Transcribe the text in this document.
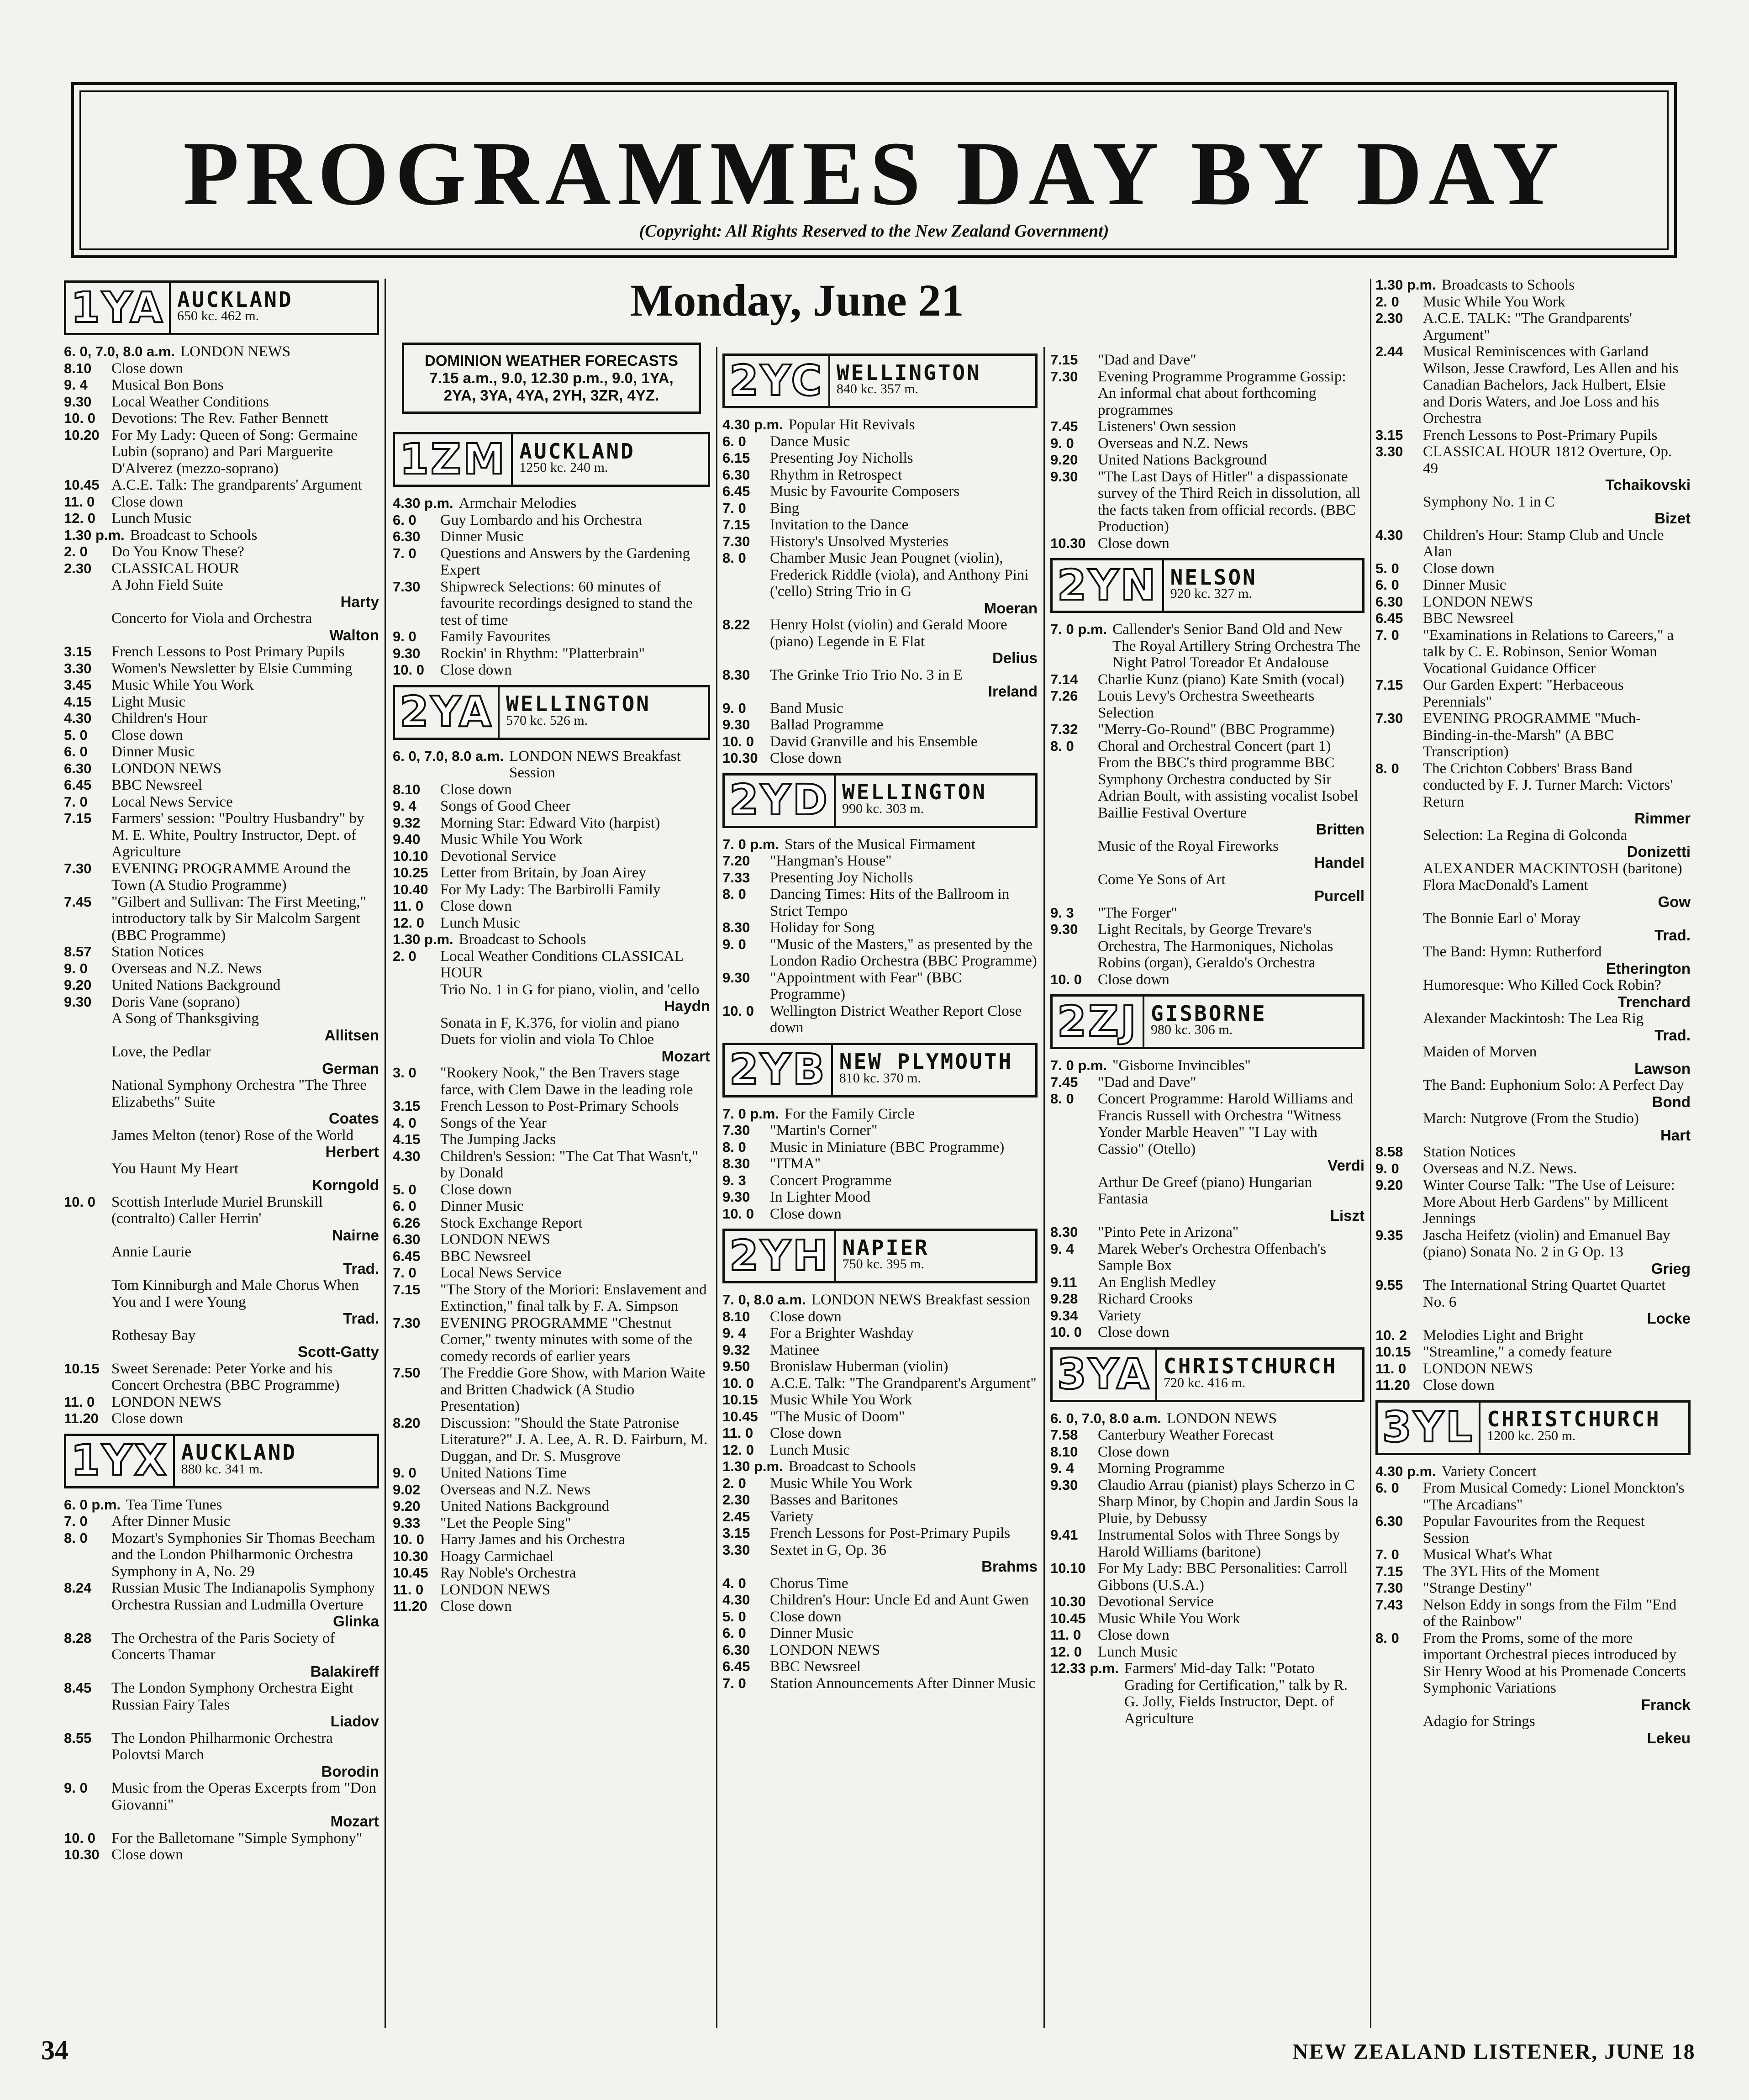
PROGRAMMES DAY BY DAY
(Copyright: All Rights Reserved to the New Zealand Government)
Monday, June 21
1YA AUCKLAND
650 kc. 462 m.
6. 0, 7.0, 8.0 a.m. LONDON NEWS
8.10	Close down
9. 4	Musical Bon Bons
9.30	Local Weather Conditions
10. 0	Devotions: The Rev. Father Bennett
10.20 For My Lady: Queen of Song: Germaine Lubin (soprano) and Pari Marguerite D'Alverez (mezzo-soprano)
10.45 A.C.E. Talk: The grandparents' Argument
11. 0	Close down
12. 0	Lunch Music
1.30 p.m. Broadcast to Schools
2. 0	Do You Know These?
2.30	CLASSICAL HOUR
A John Field Suite
Harty
Concerto for Viola and Orchestra
Walton
3.15	French Lessons to Post Primary Pupils
3.30	Women's Newsletter by Elsie Cumming
3.45	Music While You Work
4.15	Light Music
4.30	Children's Hour
5. 0	Close down
6. 0	Dinner Music
6.30	LONDON NEWS
6.45	BBC Newsreel
7. 0	Local News Service
7.15	Farmers' session: "Poultry Husbandry" by M. E. White, Poultry Instructor, Dept. of Agriculture
7.30	EVENING PROGRAMME Around the Town (A Studio Programme)
7.45	"Gilbert and Sullivan: The First Meeting," introductory talk by Sir Malcolm Sargent (BBC Programme)
8.57	Station Notices
9. 0	Overseas and N.Z. News
9.20	United Nations Background
9.30	Doris Vane (soprano)
A Song of Thanksgiving
Allitsen
Love, the Pedlar
German
National Symphony Orchestra "The Three Elizabeths" Suite
Coates
James Melton (tenor) Rose of the World
Herbert
You Haunt My Heart
Korngold
10. 0	Scottish Interlude Muriel Brunskill (contralto) Caller Herrin'
Nairne
Annie Laurie
Trad.
Tom Kinniburgh and Male Chorus When You and I were Young
Trad.
Rothesay Bay
Scott-Gatty
10.15 Sweet Serenade: Peter Yorke and his Concert Orchestra (BBC Programme)
11. 0	LONDON NEWS
11.20 Close down
1YX AUCKLAND
880 kc. 341 m.
6. 0 p.m. Tea Time Tunes
7. 0	After Dinner Music
8. 0	Mozart's Symphonies Sir Thomas Beecham and the London Philharmonic Orchestra Symphony in A, No. 29
8.24	Russian Music The Indianapolis Symphony Orchestra Russian and Ludmilla Overture
Glinka
8.28	The Orchestra of the Paris Society of Concerts Thamar
Balakireff
8.45	The London Symphony Orchestra Eight Russian Fairy Tales
Liadov
8.55	The London Philharmonic Orchestra Polovtsi March
Borodin
9. 0	Music from the Operas Excerpts from "Don Giovanni"
Mozart
10. 0	For the Balletomane "Simple Symphony"
10.30 Close down
DOMINION WEATHER FORECASTS
7.15 a.m., 9.0, 12.30 p.m., 9.0, 1YA, 2YA, 3YA, 4YA, 2YH, 3ZR, 4YZ.
1ZM AUCKLAND
1250 kc. 240 m.
4.30 p.m. Armchair Melodies
6. 0	Guy Lombardo and his Orchestra
6.30	Dinner Music
7. 0	Questions and Answers by the Gardening Expert
7.30	Shipwreck Selections: 60 minutes of favourite recordings designed to stand the test of time
9. 0	Family Favourites
9.30	Rockin' in Rhythm: "Platterbrain"
10. 0	Close down
2YA WELLINGTON
570 kc. 526 m.
6. 0, 7.0, 8.0 a.m. LONDON NEWS Breakfast Session
8.10	Close down
9. 4	Songs of Good Cheer
9.32	Morning Star: Edward Vito (harpist)
9.40	Music While You Work
10.10 Devotional Service
10.25 Letter from Britain, by Joan Airey
10.40 For My Lady: The Barbirolli Family
11. 0	Close down
12. 0	Lunch Music
1.30 p.m. Broadcast to Schools
2. 0	Local Weather Conditions CLASSICAL HOUR
Trio No. 1 in G for piano, violin, and 'cello
Haydn
Sonata in F, K.376, for violin and piano Duets for violin and viola To Chloe
Mozart
3. 0	"Rookery Nook," the Ben Travers stage farce, with Clem Dawe in the leading role
3.15	French Lesson to Post-Primary Schools
4. 0	Songs of the Year
4.15	The Jumping Jacks
4.30	Children's Session: "The Cat That Wasn't," by Donald
5. 0	Close down
6. 0	Dinner Music
6.26	Stock Exchange Report
6.30	LONDON NEWS
6.45	BBC Newsreel
7. 0	Local News Service
7.15	"The Story of the Moriori: Enslavement and Extinction," final talk by F. A. Simpson
7.30	EVENING PROGRAMME "Chestnut Corner," twenty minutes with some of the comedy records of earlier years
7.50	The Freddie Gore Show, with Marion Waite and Britten Chadwick (A Studio Presentation)
8.20	Discussion: "Should the State Patronise Literature?" J. A. Lee, A. R. D. Fairburn, M. Duggan, and Dr. S. Musgrove
9. 0	United Nations Time
9.02	Overseas and N.Z. News
9.20	United Nations Background
9.33	"Let the People Sing"
10. 0	Harry James and his Orchestra
10.30 Hoagy Carmichael
10.45 Ray Noble's Orchestra
11. 0	LONDON NEWS
11.20 Close down
2YC WELLINGTON
840 kc. 357 m.
4.30 p.m. Popular Hit Revivals
6. 0	Dance Music
6.15	Presenting Joy Nicholls
6.30	Rhythm in Retrospect
6.45	Music by Favourite Composers
7. 0	Bing
7.15	Invitation to the Dance
7.30	History's Unsolved Mysteries
8. 0	Chamber Music Jean Pougnet (violin), Frederick Riddle (viola), and Anthony Pini ('cello) String Trio in G
Moeran
8.22	Henry Holst (violin) and Gerald Moore (piano) Legende in E Flat
Delius
8.30	The Grinke Trio Trio No. 3 in E
Ireland
9. 0	Band Music
9.30	Ballad Programme
10. 0	David Granville and his Ensemble
10.30 Close down
2YD WELLINGTON
990 kc. 303 m.
7. 0 p.m. Stars of the Musical Firmament
7.20	"Hangman's House"
7.33	Presenting Joy Nicholls
8. 0	Dancing Times: Hits of the Ballroom in Strict Tempo
8.30	Holiday for Song
9. 0	"Music of the Masters," as presented by the London Radio Orchestra (BBC Programme)
9.30	"Appointment with Fear" (BBC Programme)
10. 0	Wellington District Weather Report Close down
2YB NEW PLYMOUTH
810 kc. 370 m.
7. 0 p.m. For the Family Circle
7.30	"Martin's Corner"
8. 0	Music in Miniature (BBC Programme)
8.30	"ITMA"
9. 3	Concert Programme
9.30	In Lighter Mood
10. 0	Close down
2YH NAPIER
750 kc. 395 m.
7. 0, 8.0 a.m. LONDON NEWS Breakfast session
8.10	Close down
9. 4	For a Brighter Washday
9.32	Matinee
9.50	Bronislaw Huberman (violin)
10. 0	A.C.E. Talk: "The Grandparent's Argument"
10.15 Music While You Work
10.45 "The Music of Doom"
11. 0	Close down
12. 0	Lunch Music
1.30 p.m. Broadcast to Schools
2. 0	Music While You Work
2.30	Basses and Baritones
2.45	Variety
3.15	French Lessons for Post-Primary Pupils
3.30	Sextet in G, Op. 36
Brahms
4. 0	Chorus Time
4.30	Children's Hour: Uncle Ed and Aunt Gwen
5. 0	Close down
6. 0	Dinner Music
6.30	LONDON NEWS
6.45	BBC Newsreel
7. 0	Station Announcements After Dinner Music
7.15	"Dad and Dave"
7.30	Evening Programme Programme Gossip: An informal chat about forthcoming programmes
7.45	Listeners' Own session
9. 0	Overseas and N.Z. News
9.20	United Nations Background
9.30	"The Last Days of Hitler" a dispassionate survey of the Third Reich in dissolution, all the facts taken from official records. (BBC Production)
10.30 Close down
2YN NELSON
920 kc. 327 m.
7. 0 p.m. Callender's Senior Band Old and New The Royal Artillery String Orchestra The Night Patrol Toreador Et Andalouse
7.14	Charlie Kunz (piano) Kate Smith (vocal)
7.26	Louis Levy's Orchestra Sweethearts Selection
7.32	"Merry-Go-Round" (BBC Programme)
8. 0	Choral and Orchestral Concert (part 1) From the BBC's third programme BBC Symphony Orchestra conducted by Sir Adrian Boult, with assisting vocalist Isobel Baillie Festival Overture
Britten
Music of the Royal Fireworks
Handel
Come Ye Sons of Art
Purcell
9. 3	"The Forger"
9.30	Light Recitals, by George Trevare's Orchestra, The Harmoniques, Nicholas Robins (organ), Geraldo's Orchestra
10. 0	Close down
2ZJ GISBORNE
980 kc. 306 m.
7. 0 p.m. "Gisborne Invincibles"
7.45	"Dad and Dave"
8. 0	Concert Programme: Harold Williams and Francis Russell with Orchestra "Witness Yonder Marble Heaven" "I Lay with Cassio" (Otello)
Verdi
Arthur De Greef (piano) Hungarian Fantasia
Liszt
8.30	"Pinto Pete in Arizona"
9. 4	Marek Weber's Orchestra Offenbach's Sample Box
9.11	An English Medley
9.28	Richard Crooks
9.34	Variety
10. 0	Close down
3YA CHRISTCHURCH
720 kc. 416 m.
6. 0, 7.0, 8.0 a.m. LONDON NEWS
7.58	Canterbury Weather Forecast
8.10	Close down
9. 4	Morning Programme
9.30	Claudio Arrau (pianist) plays Scherzo in C Sharp Minor, by Chopin and Jardin Sous la Pluie, by Debussy
9.41	Instrumental Solos with Three Songs by Harold Williams (baritone)
10.10 For My Lady: BBC Personalities: Carroll Gibbons (U.S.A.)
10.30 Devotional Service
10.45 Music While You Work
11. 0	Close down
12. 0	Lunch Music
12.33 p.m. Farmers' Mid-day Talk: "Potato Grading for Certification," talk by R. G. Jolly, Fields Instructor, Dept. of Agriculture
1.30 p.m. Broadcasts to Schools
2. 0	Music While You Work
2.30	A.C.E. TALK: "The Grandparents' Argument"
2.44	Musical Reminiscences with Garland Wilson, Jesse Crawford, Les Allen and his Canadian Bachelors, Jack Hulbert, Elsie and Doris Waters, and Joe Loss and his Orchestra
3.15	French Lessons to Post-Primary Pupils
3.30	CLASSICAL HOUR 1812 Overture, Op. 49
Tchaikovski
Symphony No. 1 in C
Bizet
4.30	Children's Hour: Stamp Club and Uncle Alan
5. 0	Close down
6. 0	Dinner Music
6.30	LONDON NEWS
6.45	BBC Newsreel
7. 0	"Examinations in Relations to Careers," a talk by C. E. Robinson, Senior Woman Vocational Guidance Officer
7.15	Our Garden Expert: "Herbaceous Perennials"
7.30	EVENING PROGRAMME "Much-Binding-in-the-Marsh" (A BBC Transcription)
8. 0	The Crichton Cobbers' Brass Band conducted by F. J. Turner March: Victors' Return
Rimmer
Selection: La Regina di Golconda
Donizetti
ALEXANDER MACKINTOSH (baritone) Flora MacDonald's Lament
Gow
The Bonnie Earl o' Moray
Trad.
The Band: Hymn: Rutherford
Etherington
Humoresque: Who Killed Cock Robin?
Trenchard
Alexander Mackintosh: The Lea Rig
Trad.
Maiden of Morven
Lawson
The Band: Euphonium Solo: A Perfect Day
Bond
March: Nutgrove (From the Studio)
Hart
8.58	Station Notices
9. 0	Overseas and N.Z. News.
9.20	Winter Course Talk: "The Use of Leisure: More About Herb Gardens" by Millicent Jennings
9.35	Jascha Heifetz (violin) and Emanuel Bay (piano) Sonata No. 2 in G Op. 13
Grieg
9.55	The International String Quartet Quartet No. 6
Locke
10. 2	Melodies Light and Bright
10.15 "Streamline," a comedy feature
11. 0	LONDON NEWS
11.20 Close down
3YL CHRISTCHURCH
1200 kc. 250 m.
4.30 p.m. Variety Concert
6. 0	From Musical Comedy: Lionel Monckton's "The Arcadians"
6.30	Popular Favourites from the Request Session
7. 0	Musical What's What
7.15	The 3YL Hits of the Moment
7.30	"Strange Destiny"
7.43	Nelson Eddy in songs from the Film "End of the Rainbow"
8. 0	From the Proms, some of the more important Orchestral pieces introduced by Sir Henry Wood at his Promenade Concerts Symphonic Variations
Franck
Adagio for Strings
Lekeu
34	NEW ZEALAND LISTENER, JUNE 18
